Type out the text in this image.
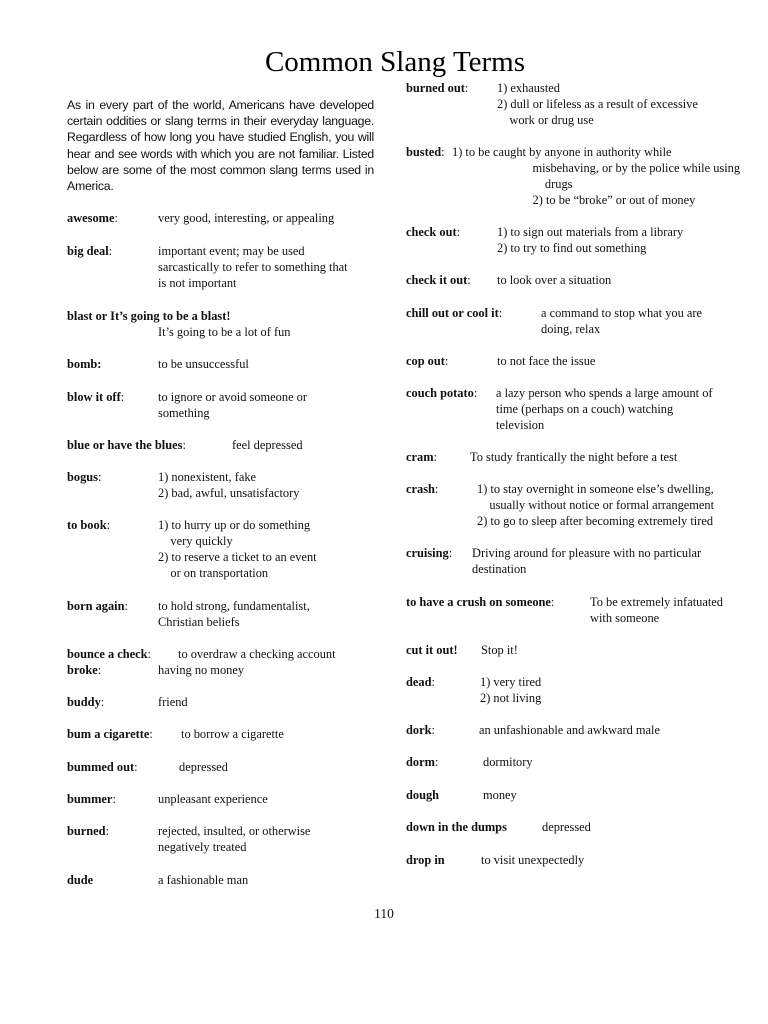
Common Slang Terms
As in every part of the world, Americans have developed certain oddities or slang terms in their everyday language. Regardless of how long you have studied English, you will hear and see words with which you are not familiar. Listed below are some of the most common slang terms used in America.
awesome:	very good, interesting, or appealing
big deal:	important event; may be used
sarcastically to refer to something that
is not important
blast or It’s going to be a blast!
It’s going to be a lot of fun
bomb:	to be unsuccessful
blow it off:	to ignore or avoid someone or
something
blue or have the blues:	feel depressed
bogus:	1) nonexistent, fake
2) bad, awful, unsatisfactory
to book:	1) to hurry up or do something
very quickly
2) to reserve a ticket to an event
or on transportation
born again: to hold strong, fundamentalist,
Christian beliefs
bounce a check: to overdraw a checking account
broke:	having no money
buddy:	friend
bum a cigarette: to borrow a cigarette
bummed out:	depressed
bummer:	unpleasant experience
burned:	rejected, insulted, or otherwise
negatively treated
dude	a fashionable man
burned out: 1) exhausted
2) dull or lifeless as a result of excessive
work or drug use
busted: 1) to be caught by anyone in authority while
misbehaving, or by the police while using
drugs
2) to be “broke” or out of money
check out:	1) to sign out materials from a library
2) to try to find out something
check it out: to look over a situation
chill out or cool it:	a command to stop what you are
doing, relax
cop out:	to not face the issue
couch potato: a lazy person who spends a large amount of
time (perhaps on a couch) watching
television
cram:	To study frantically the night before a test
crash:	1) to stay overnight in someone else’s dwelling,
usually without notice or formal arrangement
2) to go to sleep after becoming extremely tired
cruising: Driving around for pleasure with no particular
destination
to have a crush on someone:	To be extremely infatuated
with someone
cut it out! Stop it!
dead:	1) very tired
2) not living
dork:	an unfashionable and awkward male
dorm:	dormitory
dough	money
down in the dumps	depressed
drop in	to visit unexpectedly
110
